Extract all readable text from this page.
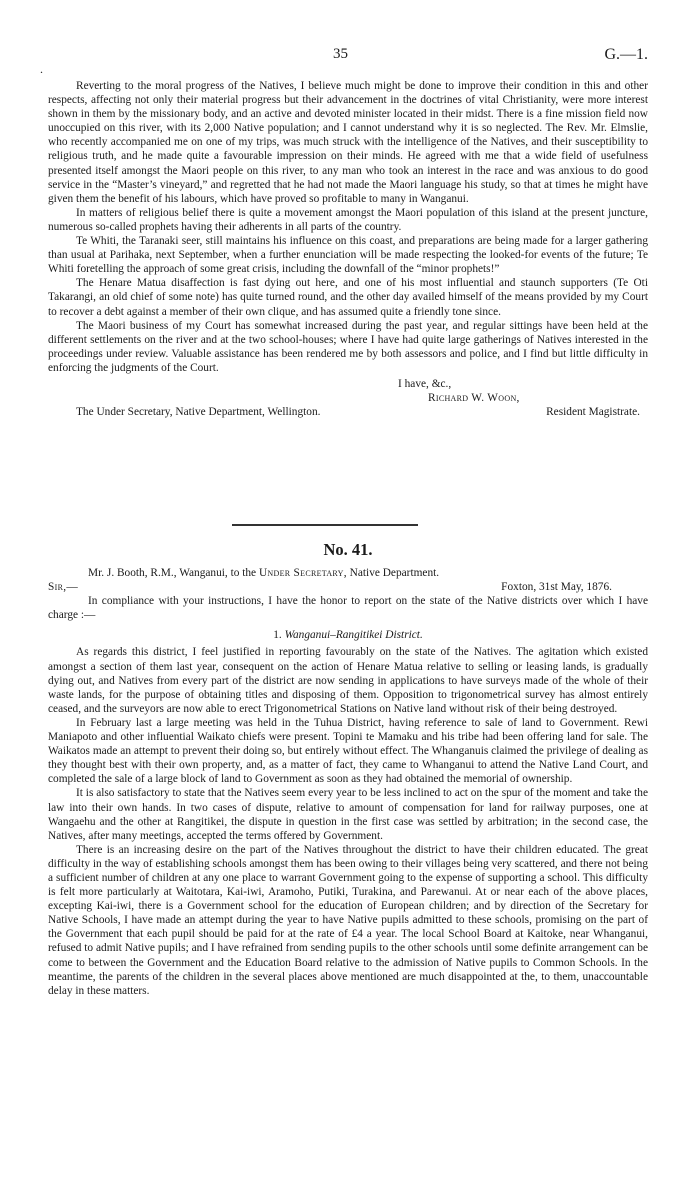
.
35	G.—1.

Reverting to the moral progress of the Natives, I believe much might be done to improve their condition in this and other respects, affecting not only their material progress but their advancement in the doctrines of vital Christianity, were more interest shown in them by the missionary body, and an active and devoted minister located in their midst. There is a fine mission field now unoccupied on this river, with its 2,000 Native population; and I cannot understand why it is so neglected. The Rev. Mr. Elmslie, who recently accompanied me on one of my trips, was much struck with the intelligence of the Natives, and their susceptibility to religious truth, and he made quite a favourable impression on their minds. He agreed with me that a wide field of usefulness presented itself amongst the Maori people on this river, to any man who took an interest in the race and was anxious to do good service in the “Master’s vineyard,” and regretted that he had not made the Maori language his study, so that at times he might have given them the benefit of his labours, which have proved so profitable to many in Wanganui.

In matters of religious belief there is quite a movement amongst the Maori population of this island at the present juncture, numerous so-called prophets having their adherents in all parts of the country.

Te Whiti, the Taranaki seer, still maintains his influence on this coast, and preparations are being made for a larger gathering than usual at Parihaka, next September, when a further enunciation will be made respecting the looked-for events of the future; Te Whiti foretelling the approach of some great crisis, including the downfall of the “minor prophets!”

The Henare Matua disaffection is fast dying out here, and one of his most influential and staunch supporters (Te Oti Takarangi, an old chief of some note) has quite turned round, and the other day availed himself of the means provided by my Court to recover a debt against a member of their own clique, and has assumed quite a friendly tone since.

The Maori business of my Court has somewhat increased during the past year, and regular sittings have been held at the different settlements on the river and at the two school-houses; where I have had quite large gatherings of Natives interested in the proceedings under review. Valuable assistance has been rendered me by both assessors and police, and I find but little difficulty in enforcing the judgments of the Court.

I have, &c.,
Richard W. Woon,
The Under Secretary, Native Department, Wellington.	Resident Magistrate.
No. 41.
Mr. J. Booth, R.M., Wanganui, to the Under Secretary, Native Department.
Sir,—	Foxton, 31st May, 1876.

In compliance with your instructions, I have the honor to report on the state of the Native districts over which I have charge :—

1. Wanganui–Rangitikei District.

As regards this district, I feel justified in reporting favourably on the state of the Natives. The agitation which existed amongst a section of them last year, consequent on the action of Henare Matua relative to selling or leasing lands, is gradually dying out, and Natives from every part of the district are now sending in applications to have surveys made of the whole of their waste lands, for the purpose of obtaining titles and disposing of them. Opposition to trigonometrical survey has almost entirely ceased, and the surveyors are now able to erect Trigonometrical Stations on Native land without risk of their being destroyed.

In February last a large meeting was held in the Tuhua District, having reference to sale of land to Government. Rewi Maniapoto and other influential Waikato chiefs were present. Topini te Mamaku and his tribe had been offering land for sale. The Waikatos made an attempt to prevent their doing so, but entirely without effect. The Whanganuis claimed the privilege of dealing as they thought best with their own property, and, as a matter of fact, they came to Whanganui to attend the Native Land Court, and completed the sale of a large block of land to Government as soon as they had obtained the memorial of ownership.

It is also satisfactory to state that the Natives seem every year to be less inclined to act on the spur of the moment and take the law into their own hands. In two cases of dispute, relative to amount of compensation for land for railway purposes, one at Wangaehu and the other at Rangitikei, the dispute in question in the first case was settled by arbitration; in the second case, the Natives, after many meetings, accepted the terms offered by Government.

There is an increasing desire on the part of the Natives throughout the district to have their children educated. The great difficulty in the way of establishing schools amongst them has been owing to their villages being very scattered, and there not being a sufficient number of children at any one place to warrant Government going to the expense of supporting a school. This difficulty is felt more particularly at Waitotara, Kai-iwi, Aramoho, Putiki, Turakina, and Parewanui. At or near each of the above places, excepting Kai-iwi, there is a Government school for the education of European children; and by direction of the Secretary for Native Schools, I have made an attempt during the year to have Native pupils admitted to these schools, promising on the part of the Government that each pupil should be paid for at the rate of £4 a year. The local School Board at Kaitoke, near Whanganui, refused to admit Native pupils; and I have refrained from sending pupils to the other schools until some definite arrangement can be come to between the Government and the Education Board relative to the admission of Native pupils to Common Schools. In the meantime, the parents of the children in the several places above mentioned are much disappointed at the, to them, unaccountable delay in these matters.
